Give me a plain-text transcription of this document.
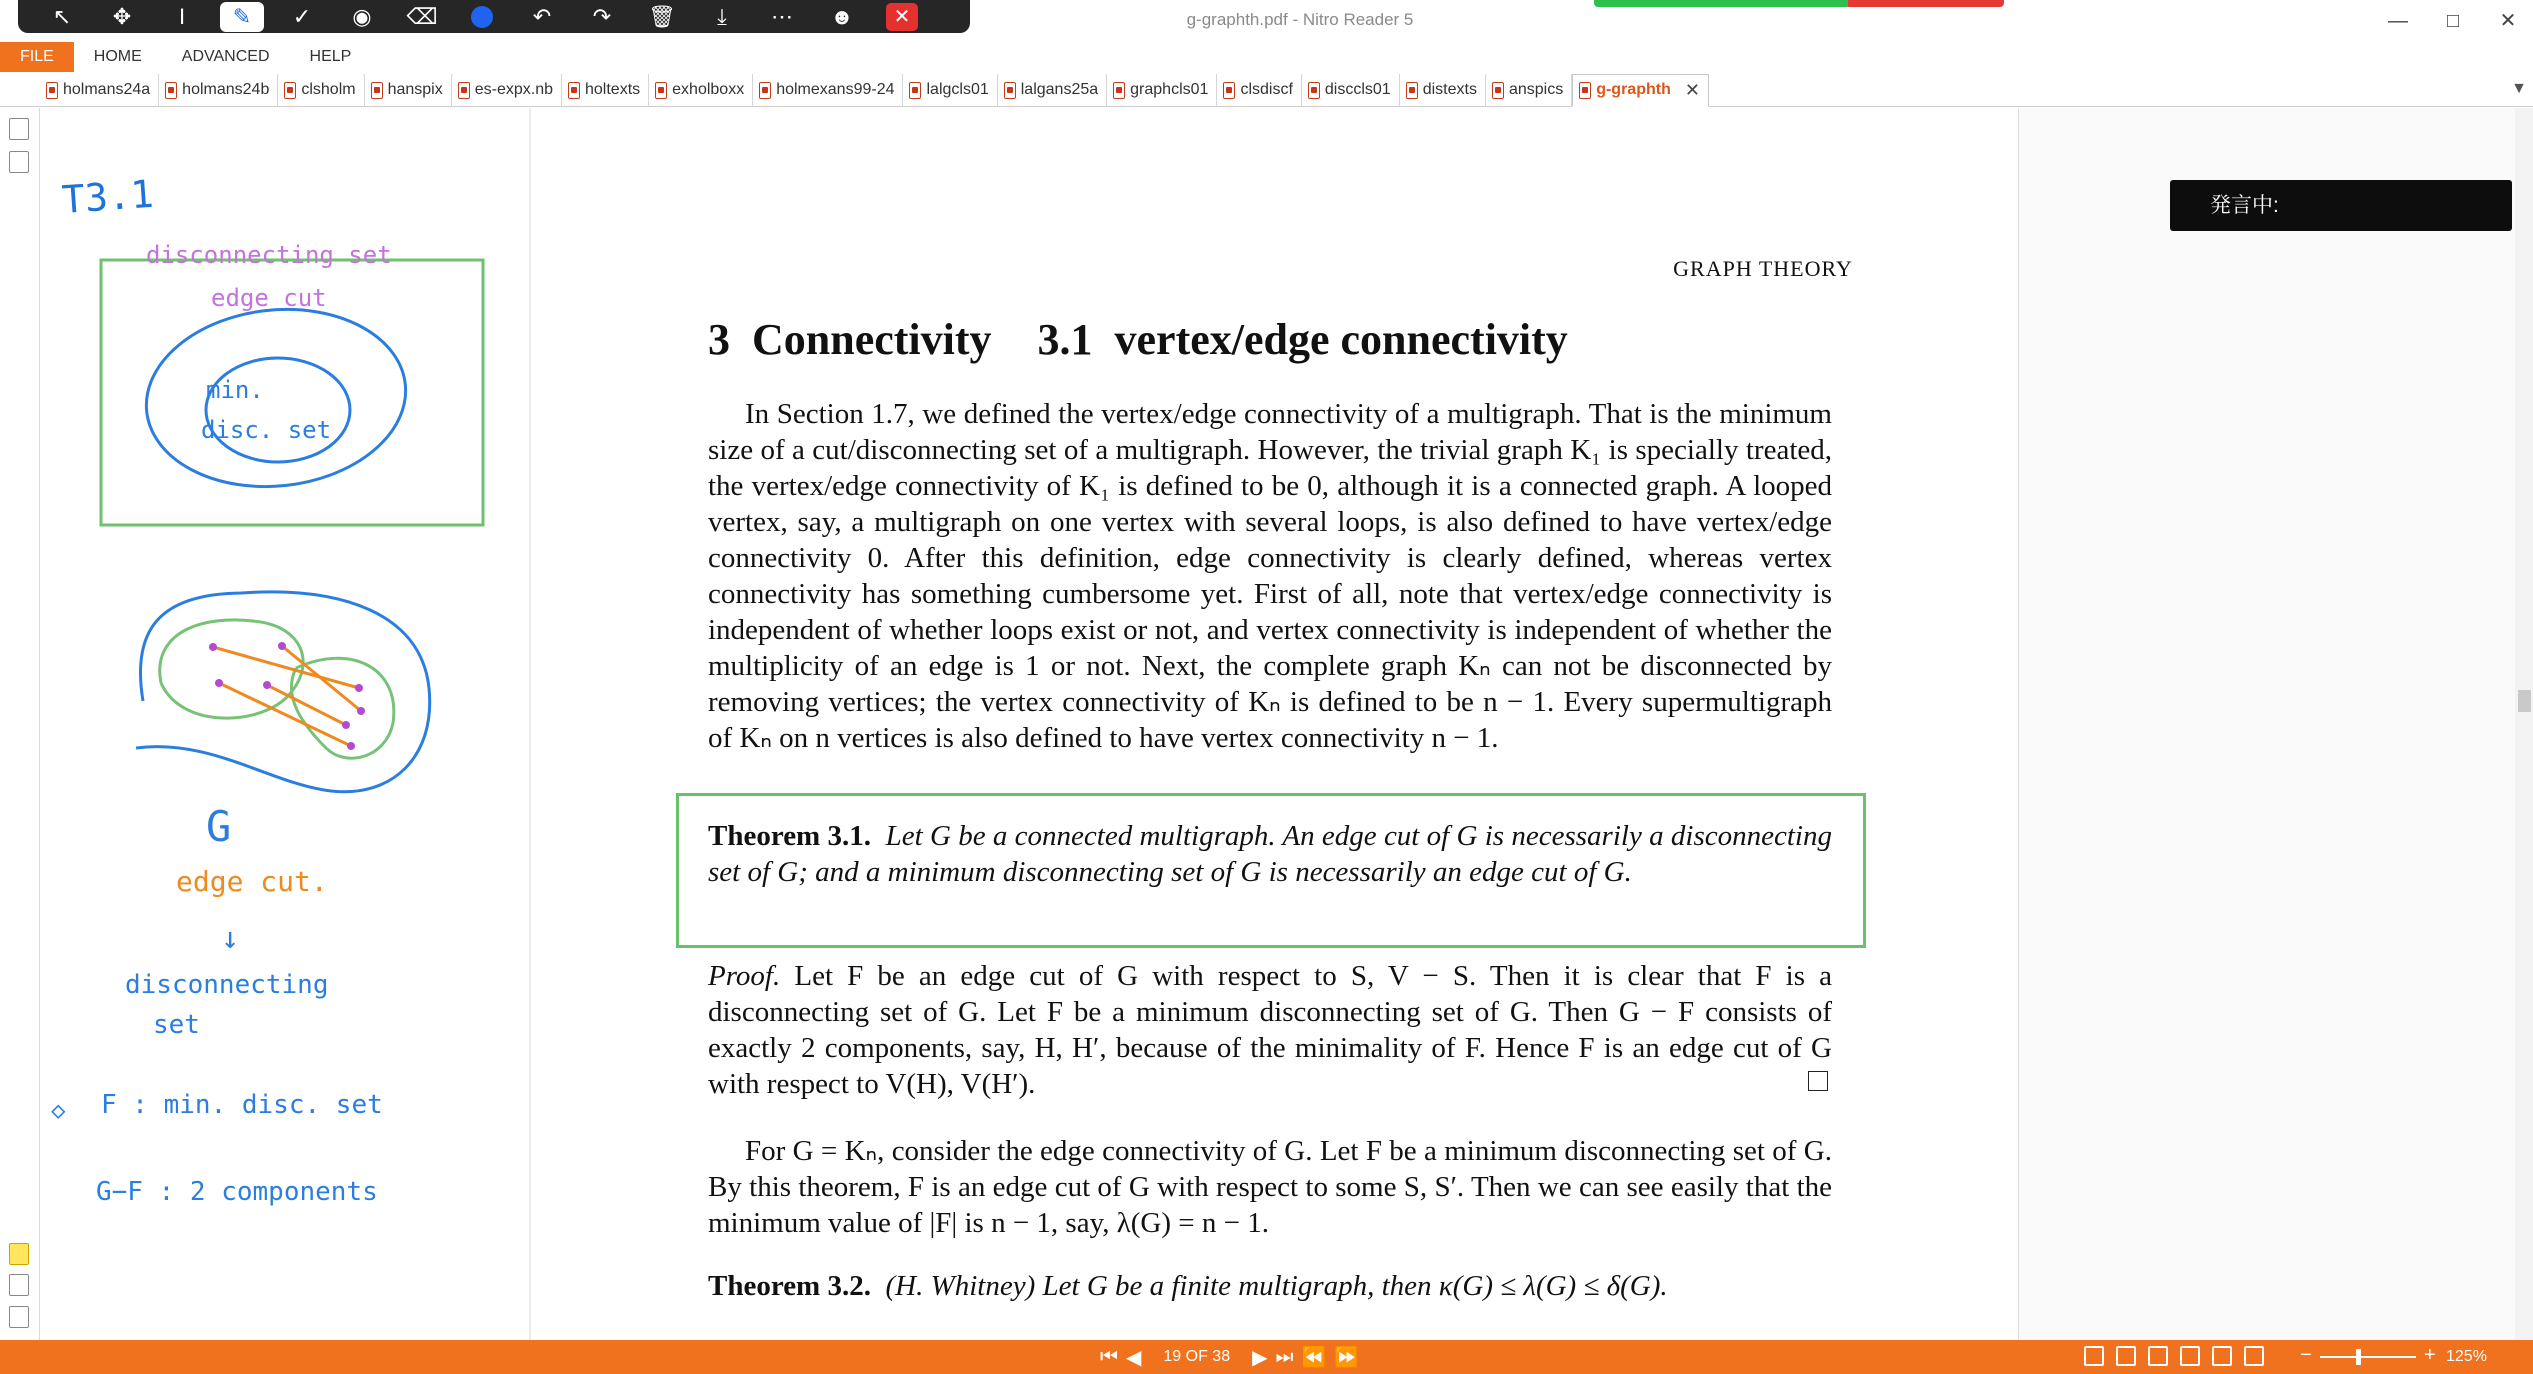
g-graphth.pdf - Nitro Reader 5	—	□	✕
↖	✥	I	✎	✓	◉	⌫	↶	↷	🗑	⤓	⋯	☻	✕
FILE	HOME	ADVANCED	HELP
holmans24a holmans24b clsholm hanspix es-expx.nb holtexts exholboxx holmexans99-24 lalgcls01 lalgans25a graphcls01 clsdiscf disccls01 distexts anspics g-graphth ✕	▼
T3.1
disconnecting set
edge cut
min.
disc. set
G
edge cut.
↓
disconnecting
set
◇ F : min. disc. set
G−F : 2 components
GRAPH THEORY
3 Connectivity 3.1 vertex/edge connectivity
In Section 1.7, we defined the vertex/edge connectivity of a multigraph. That is the minimum size of a cut/disconnecting set of a multigraph. However, the trivial graph K₁ is specially treated, the vertex/edge connectivity of K₁ is defined to be 0, although it is a connected graph. A looped vertex, say, a multigraph on one vertex with several loops, is also defined to have vertex/edge connectivity 0. After this definition, edge connectivity is clearly defined, whereas vertex connectivity has something cumbersome yet. First of all, note that vertex/edge connectivity is independent of whether loops exist or not, and vertex connectivity is independent of whether the multiplicity of an edge is 1 or not. Next, the complete graph Kₙ can not be disconnected by removing vertices; the vertex connectivity of Kₙ is defined to be n − 1. Every supermultigraph of Kₙ on n vertices is also defined to have vertex connectivity n − 1.
Theorem 3.1. Let G be a connected multigraph. An edge cut of G is necessarily a disconnecting set of G; and a minimum disconnecting set of G is necessarily an edge cut of G.
Proof. Let F be an edge cut of G with respect to S, V − S. Then it is clear that F is a disconnecting set of G. Let F be a minimum disconnecting set of G. Then G − F consists of exactly 2 components, say, H, H′, because of the minimality of F. Hence F is an edge cut of G with respect to V(H), V(H′).
For G = Kₙ, consider the edge connectivity of G. Let F be a minimum disconnecting set of G. By this theorem, F is an edge cut of G with respect to some S, S′. Then we can see easily that the minimum value of |F| is n − 1, say, λ(G) = n − 1.
Theorem 3.2. (H. Whitney) Let G be a finite multigraph, then κ(G) ≤ λ(G) ≤ δ(G).
発言中:
⏮ ◀ 19 OF 38 ▶ ⏭ ⏪ ⏩	−	+ 125%
